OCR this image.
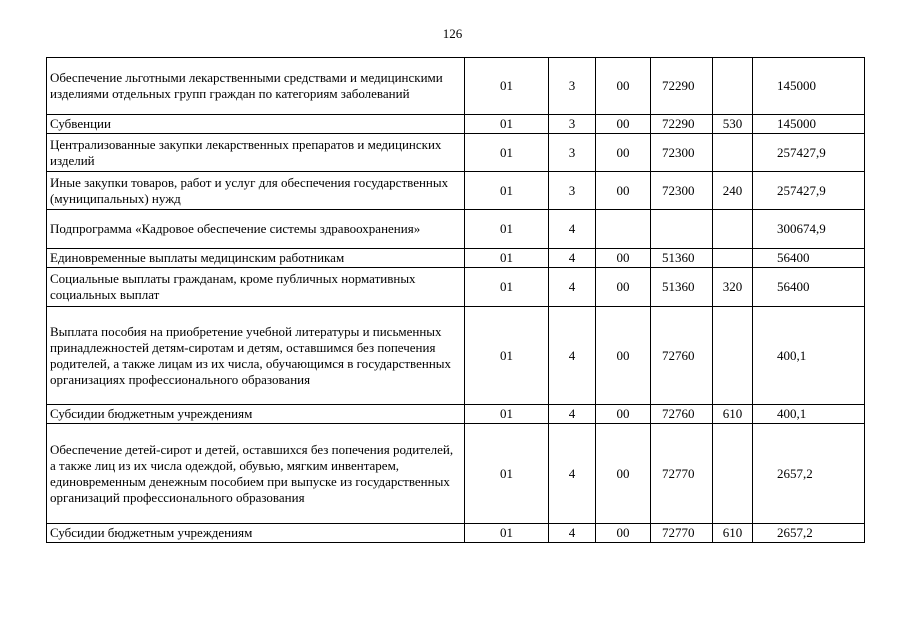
126
Обеспечение льготными лекарственными средствами и медицинскими изделиями отдельных групп граждан по категориям заболеваний	01	3	00	72290		145000
Субвенции	01	3	00	72290	530	145000
Централизованные закупки лекарственных препаратов и медицинских изделий	01	3	00	72300		257427,9
Иные закупки товаров, работ и услуг для обеспечения государственных (муниципальных) нужд	01	3	00	72300	240	257427,9
Подпрограмма «Кадровое обеспечение системы здравоохранения»	01	4				300674,9
Единовременные выплаты медицинским работникам	01	4	00	51360		56400
Социальные выплаты гражданам, кроме публичных нормативных социальных выплат	01	4	00	51360	320	56400
Выплата пособия на приобретение учебной литературы и письменных принадлежностей детям-сиротам и детям, оставшимся без попечения родителей, а также лицам из их числа, обучающимся в государственных организациях профессионального образования	01	4	00	72760		400,1
Субсидии бюджетным учреждениям	01	4	00	72760	610	400,1
Обеспечение детей-сирот и детей, оставшихся без попечения родителей, а также лиц из их числа одеждой, обувью, мягким инвентарем, единовременным денежным пособием при выпуске из государственных организаций профессионального образования	01	4	00	72770		2657,2
Субсидии бюджетным учреждениям	01	4	00	72770	610	2657,2
